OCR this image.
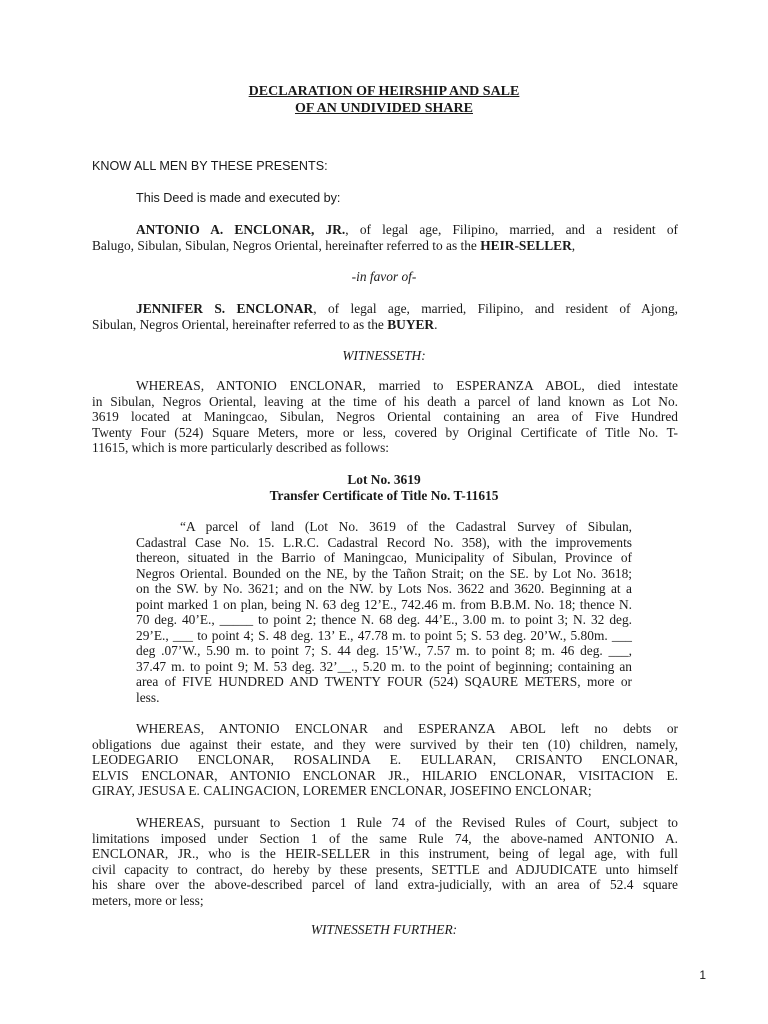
DECLARATION OF HEIRSHIP AND SALE
OF AN UNDIVIDED SHARE
KNOW ALL MEN BY THESE PRESENTS:
This Deed is made and executed by:
ANTONIO A. ENCLONAR, JR., of legal age, Filipino, married, and a resident of
Balugo, Sibulan, Sibulan, Negros Oriental, hereinafter referred to as the HEIR-SELLER,
-in favor of-
JENNIFER S. ENCLONAR, of legal age, married, Filipino, and resident of Ajong,
Sibulan, Negros Oriental, hereinafter referred to as the BUYER.
WITNESSETH:
WHEREAS, ANTONIO ENCLONAR, married to ESPERANZA ABOL, died intestate
in Sibulan, Negros Oriental, leaving at the time of his death a parcel of land known as Lot No.
3619 located at Maningcao, Sibulan, Negros Oriental containing an area of Five Hundred
Twenty Four (524) Square Meters, more or less, covered by Original Certificate of Title No. T-
11615, which is more particularly described as follows:
Lot No. 3619
Transfer Certificate of Title No. T-11615
“A parcel of land (Lot No. 3619 of the Cadastral Survey of Sibulan,
Cadastral Case No. 15. L.R.C. Cadastral Record No. 358), with the improvements
thereon, situated in the Barrio of Maningcao, Municipality of Sibulan, Province of
Negros Oriental. Bounded on the NE, by the Tañon Strait; on the SE. by Lot No. 3618;
on the SW. by No. 3621; and on the NW. by Lots Nos. 3622 and 3620. Beginning at a
point marked 1 on plan, being N. 63 deg 12’E., 742.46 m. from B.B.M. No. 18; thence N.
70 deg. 40’E., _____ to point 2; thence N. 68 deg. 44’E., 3.00 m. to point 3; N. 32 deg.
29’E., ___ to point 4; S. 48 deg. 13’ E., 47.78 m. to point 5; S. 53 deg. 20’W., 5.80m. ___
deg .07’W., 5.90 m. to point 7; S. 44 deg. 15’W., 7.57 m. to point 8; m. 46 deg. ___,
37.47 m. to point 9; M. 53 deg. 32’__., 5.20 m. to the point of beginning; containing an
area of FIVE HUNDRED AND TWENTY FOUR (524) SQAURE METERS, more or
less.
WHEREAS, ANTONIO ENCLONAR and ESPERANZA ABOL left no debts or
obligations due against their estate, and they were survived by their ten (10) children, namely,
LEODEGARIO ENCLONAR, ROSALINDA E. EULLARAN, CRISANTO ENCLONAR,
ELVIS ENCLONAR, ANTONIO ENCLONAR JR., HILARIO ENCLONAR, VISITACION E.
GIRAY, JESUSA E. CALINGACION, LOREMER ENCLONAR, JOSEFINO ENCLONAR;
WHEREAS, pursuant to Section 1 Rule 74 of the Revised Rules of Court, subject to
limitations imposed under Section 1 of the same Rule 74, the above-named ANTONIO A.
ENCLONAR, JR., who is the HEIR-SELLER in this instrument, being of legal age, with full
civil capacity to contract, do hereby by these presents, SETTLE and ADJUDICATE unto himself
his share over the above-described parcel of land extra-judicially, with an area of 52.4 square
meters, more or less;
WITNESSETH FURTHER:
1
